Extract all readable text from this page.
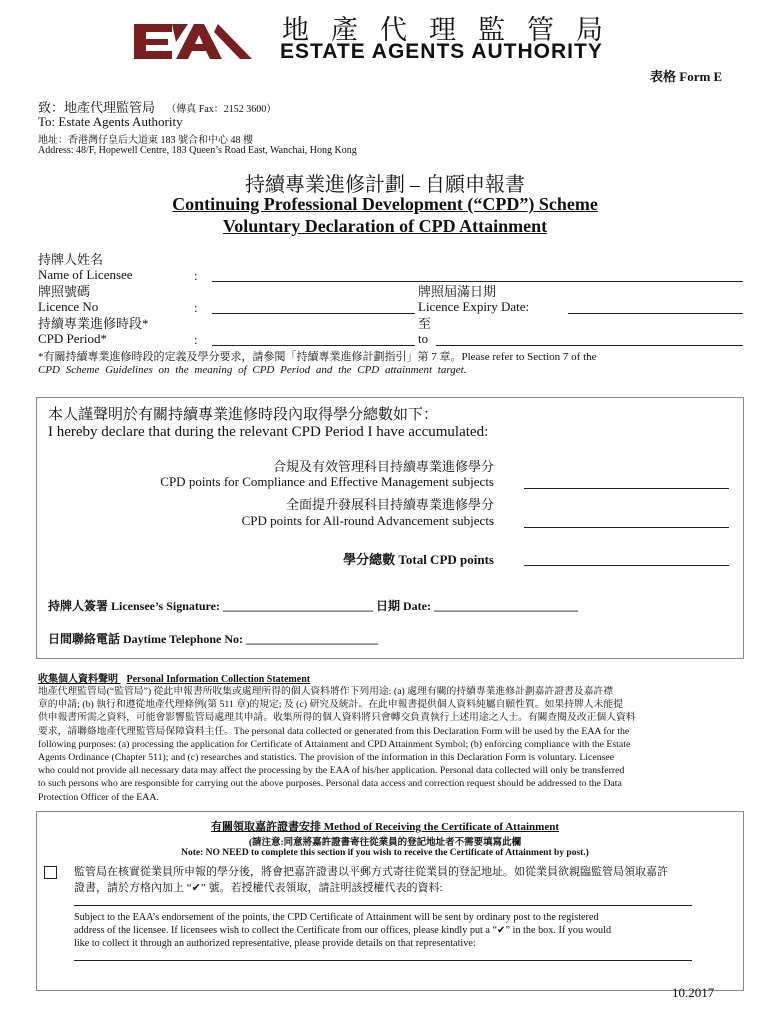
地產代理監管局
ESTATE AGENTS AUTHORITY
表格 Form E
致：地產代理監管局 （傳真 Fax：2152 3600）
To: Estate Agents Authority
地址：香港灣仔皇后大道東 183 號合和中心 48 樓
Address: 48/F, Hopewell Centre, 183 Queen’s Road East, Wanchai, Hong Kong
持續專業進修計劃 – 自願申報書
Continuing Professional Development (“CPD”) Scheme
Voluntary Declaration of CPD Attainment
持牌人姓名
Name of Licensee	:
牌照號碼
Licence No	:
牌照屆滿日期
Licence Expiry Date:
持續專業進修時段*
CPD Period*	:
至
to
*有關持續專業進修時段的定義及學分要求，請參閱「持續專業進修計劃指引」第 7 章。Please refer to Section 7 of the
CPD Scheme Guidelines on the meaning of CPD Period and the CPD attainment target.
本人謹聲明於有關持續專業進修時段內取得學分總數如下：
I hereby declare that during the relevant CPD Period I have accumulated:
合規及有效管理科目持續專業進修學分
CPD points for Compliance and Effective Management subjects
全面提升發展科目持續專業進修學分
CPD points for All-round Advancement subjects
學分總數 Total CPD points
持牌人簽署 Licensee’s Signature: _________________________ 日期 Date: ________________________
日間聯絡電話 Daytime Telephone No: ______________________
收集個人資料聲明 Personal Information Collection Statement
地產代理監管局(“監管局”) 從此申報書所收集或處理所得的個人資料將作下列用途: (a) 處理有關的持續專業進修計劃嘉許證書及嘉許襟
章的申請; (b) 執行和遵從地產代理條例(第 511 章)的規定; 及 (c) 研究及統計。在此申報書提供個人資料純屬自願性質。如果持牌人未能提
供申報書所需之資料，可能會影響監管局處理其申請。收集所得的個人資料將只會轉交負責執行上述用途之人士。有關查閱及改正個人資料
要求，請聯絡地產代理監管局保障資料主任。The personal data collected or generated from this Declaration Form will be used by the EAA for the
following purposes: (a) processing the application for Certificate of Attainment and CPD Attainment Symbol; (b) enforcing compliance with the Estate
Agents Ordinance (Chapter 511); and (c) researches and statistics. The provision of the information in this Declaration Form is voluntary. Licensee
who could not provide all necessary data may affect the processing by the EAA of his/her application. Personal data collected will only be transferred
to such persons who are responsible for carrying out the above purposes. Personal data access and correction request should be addressed to the Data
Protection Officer of the EAA.
有關領取嘉許證書安排 Method of Receiving the Certificate of Attainment
(請注意:同意將嘉許證書寄往從業員的登記地址者不需要填寫此欄
Note: NO NEED to complete this section if you wish to receive the Certificate of Attainment by post.)
監管局在核實從業員所申報的學分後，將會把嘉許證書以平郵方式寄往從業員的登記地址。如從業員欲親臨監管局領取嘉許
證書，請於方格內加上 “✔” 號。若授權代表領取，請註明該授權代表的資料:
Subject to the EAA’s endorsement of the points, the CPD Certificate of Attainment will be sent by ordinary post to the registered
address of the licensee. If licensees wish to collect the Certificate from our offices, please kindly put a “✔” in the box. If you would
like to collect it through an authorized representative, please provide details on that representative:
10.2017
